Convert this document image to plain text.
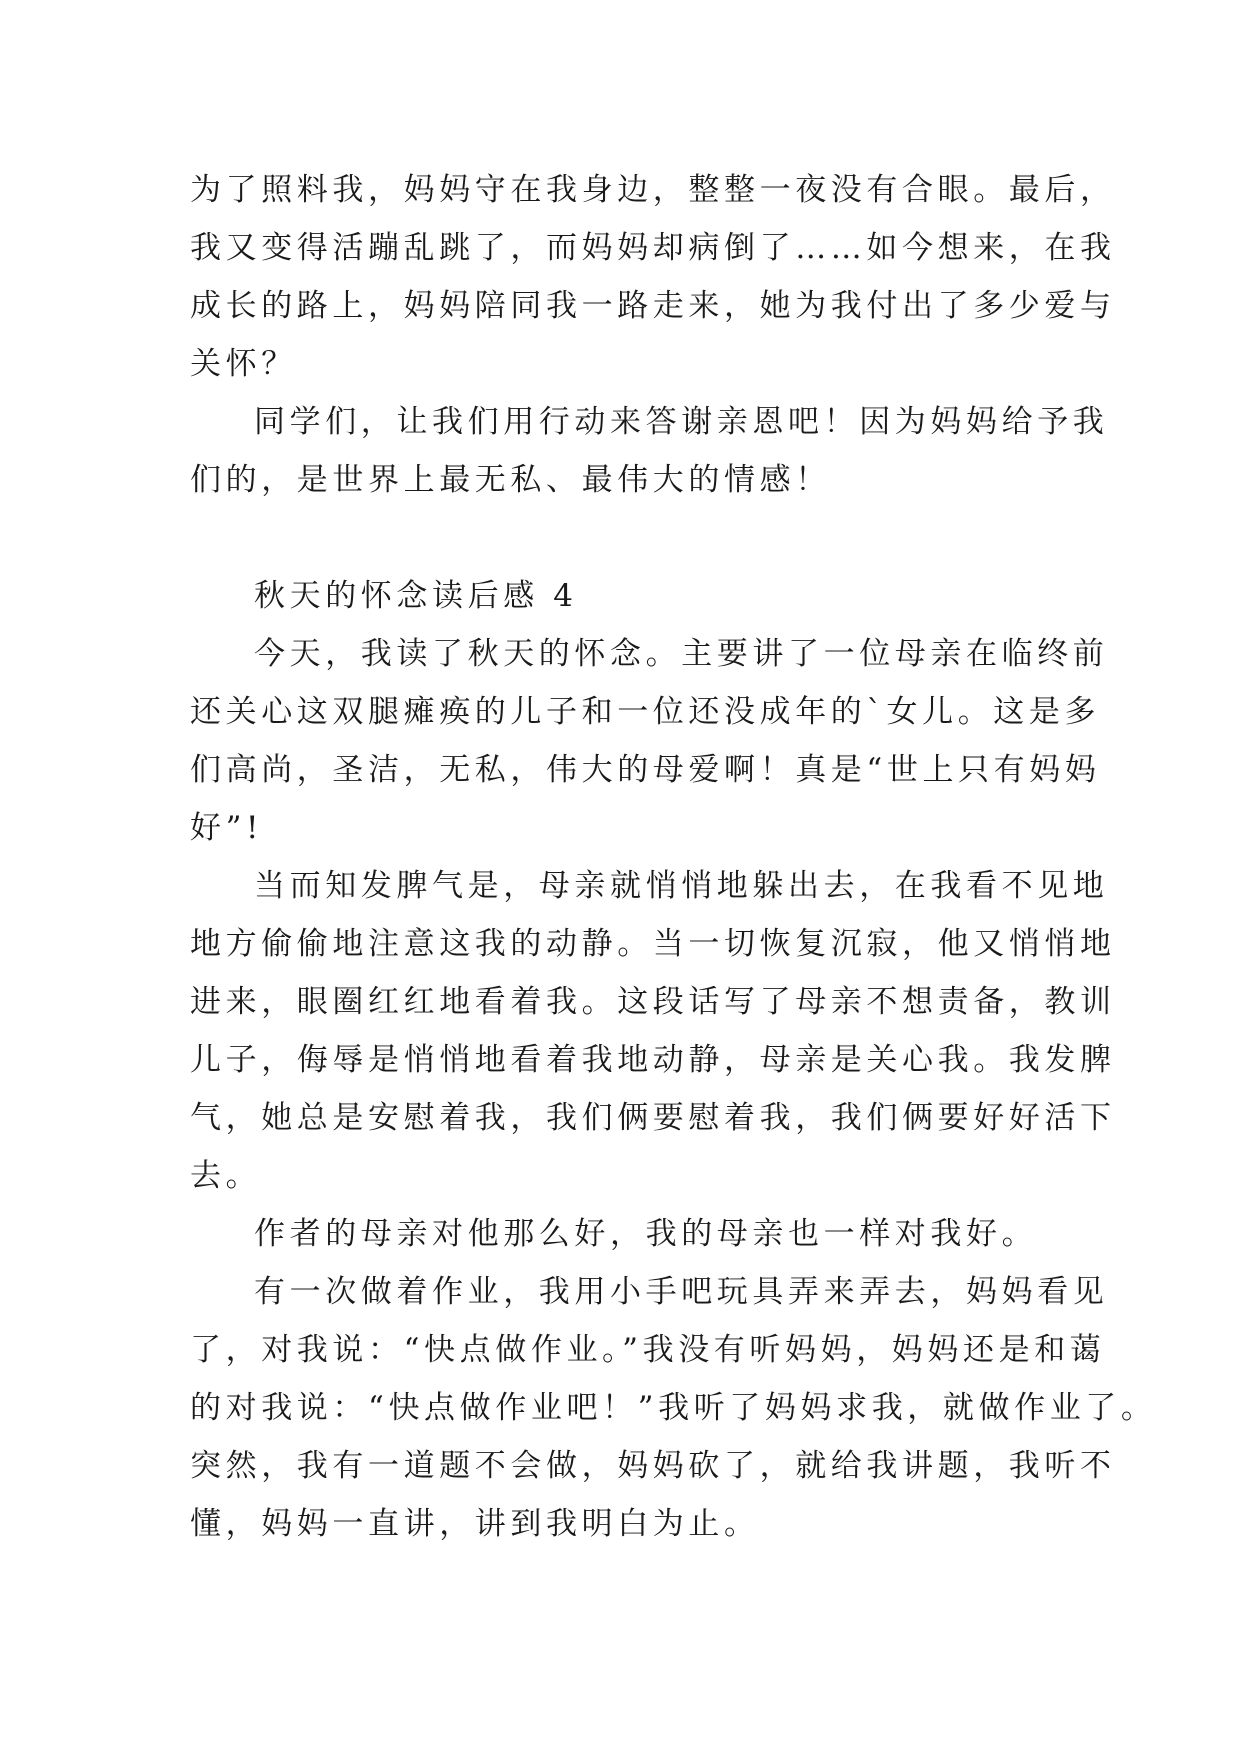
为了照料我，妈妈守在我身边，整整一夜没有合眼。最后，
我又变得活蹦乱跳了，而妈妈却病倒了……如今想来，在我
成长的路上，妈妈陪同我一路走来，她为我付出了多少爱与
关怀？
同学们，让我们用行动来答谢亲恩吧！因为妈妈给予我
们的，是世界上最无私、最伟大的情感！
秋天的怀念读后感 4
今天，我读了秋天的怀念。主要讲了一位母亲在临终前
还关心这双腿瘫痪的儿子和一位还没成年的`女儿。这是多
们高尚，圣洁，无私，伟大的母爱啊！真是“世上只有妈妈
好”!
当而知发脾气是，母亲就悄悄地躲出去，在我看不见地
地方偷偷地注意这我的动静。当一切恢复沉寂，他又悄悄地
进来，眼圈红红地看着我。这段话写了母亲不想责备，教训
儿子，侮辱是悄悄地看着我地动静，母亲是关心我。我发脾
气，她总是安慰着我，我们俩要慰着我，我们俩要好好活下
去。
作者的母亲对他那么好，我的母亲也一样对我好。
有一次做着作业，我用小手吧玩具弄来弄去，妈妈看见
了，对我说：“快点做作业。”我没有听妈妈，妈妈还是和蔼
的对我说：“快点做作业吧！”我听了妈妈求我，就做作业了。
突然，我有一道题不会做，妈妈砍了，就给我讲题，我听不
懂，妈妈一直讲，讲到我明白为止。
